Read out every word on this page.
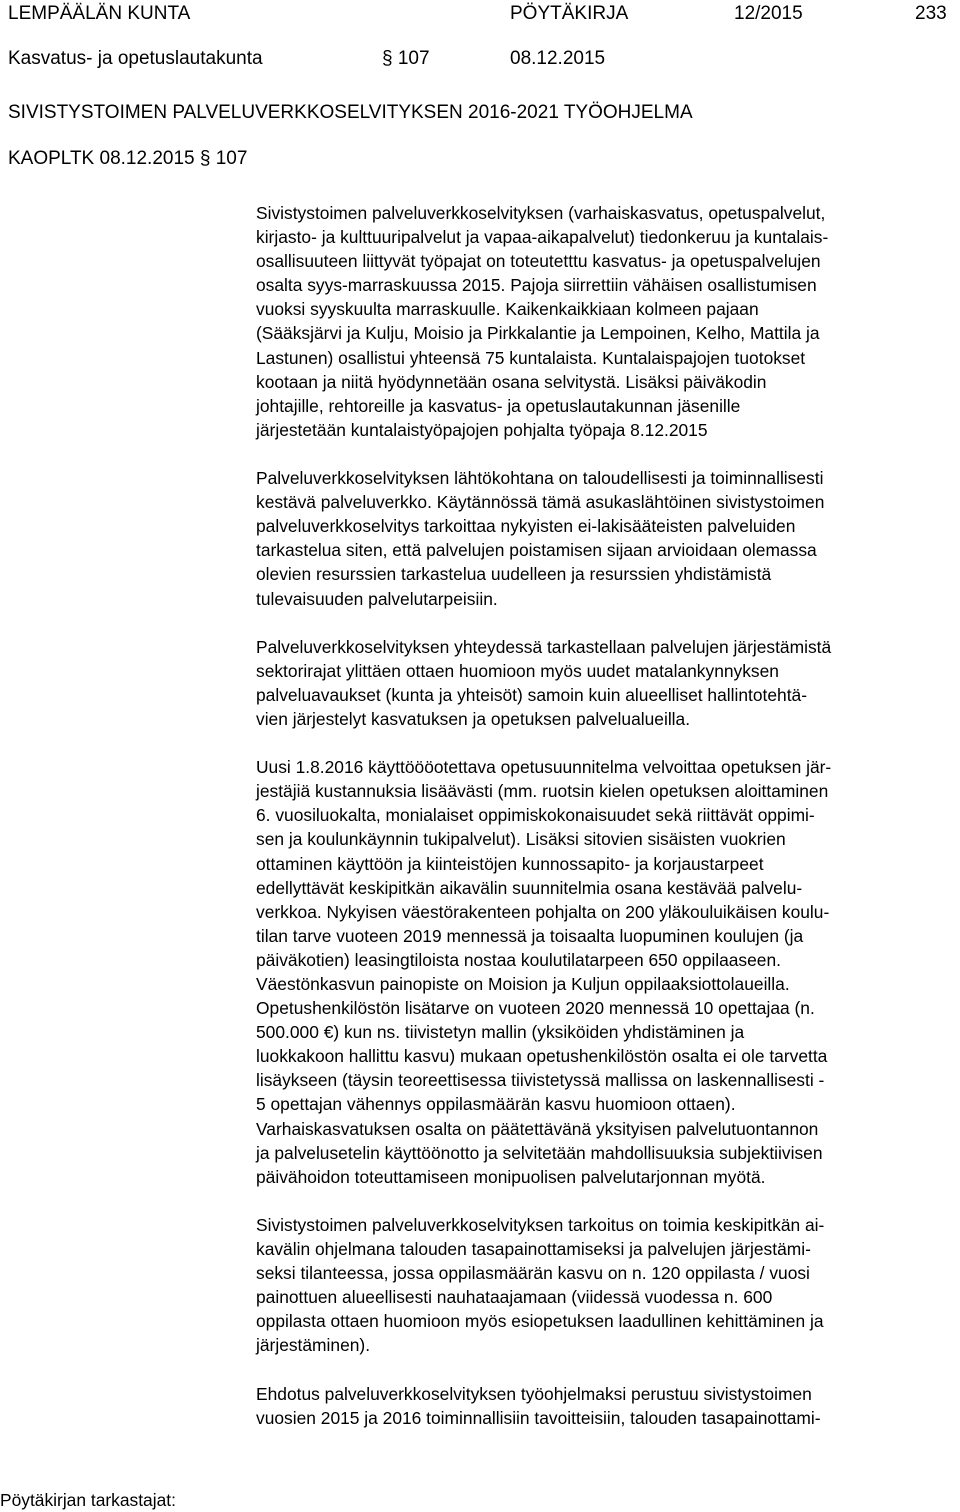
LEMPÄÄLÄN KUNTA	PÖYTÄKIRJA	12/2015	233
Kasvatus- ja opetuslautakunta	§ 107	08.12.2015
SIVISTYSTOIMEN PALVELUVERKKOSELVITYKSEN 2016-2021 TYÖOHJELMA
KAOPLTK 08.12.2015 § 107
Sivistystoimen palveluverkkoselvityksen (varhaiskasvatus, opetuspalvelut,
kirjasto- ja kulttuuripalvelut ja vapaa-aikapalvelut) tiedonkeruu ja kuntalais-
osallisuuteen liittyvät työpajat on toteutetttu kasvatus- ja opetuspalvelujen
osalta syys-marraskuussa 2015. Pajoja siirrettiin vähäisen osallistumisen
vuoksi syyskuulta marraskuulle. Kaikenkaikkiaan kolmeen pajaan
(Sääksjärvi ja Kulju, Moisio ja Pirkkalantie ja Lempoinen, Kelho, Mattila ja
Lastunen) osallistui yhteensä 75 kuntalaista. Kuntalaispajojen tuotokset
kootaan ja niitä hyödynnetään osana selvitystä. Lisäksi päiväkodin
johtajille, rehtoreille ja kasvatus- ja opetuslautakunnan jäsenille
järjestetään kuntalaistyöpajojen pohjalta työpaja 8.12.2015
Palveluverkkoselvityksen lähtökohtana on taloudellisesti ja toiminnallisesti
kestävä palveluverkko. Käytännössä tämä asukaslähtöinen sivistystoimen
palveluverkkoselvitys tarkoittaa nykyisten ei-lakisääteisten palveluiden
tarkastelua siten, että palvelujen poistamisen sijaan arvioidaan olemassa
olevien resurssien tarkastelua uudelleen ja resurssien yhdistämistä
tulevaisuuden palvelutarpeisiin.
Palveluverkkoselvityksen yhteydessä tarkastellaan palvelujen järjestämistä
sektorirajat ylittäen ottaen huomioon myös uudet matalankynnyksen
palveluavaukset (kunta ja yhteisöt) samoin kuin alueelliset hallintotehtä-
vien järjestelyt kasvatuksen ja opetuksen palvelualueilla.
Uusi 1.8.2016 käyttöööotettava opetusuunnitelma velvoittaa opetuksen jär-
jestäjiä kustannuksia lisäävästi (mm. ruotsin kielen opetuksen aloittaminen
6. vuosiluokalta, monialaiset oppimiskokonaisuudet sekä riittävät oppimi-
sen ja koulunkäynnin tukipalvelut). Lisäksi sitovien sisäisten vuokrien
ottaminen käyttöön ja kiinteistöjen kunnossapito- ja korjaustarpeet
edellyttävät keskipitkän aikavälin suunnitelmia osana kestävää palvelu-
verkkoa. Nykyisen väestörakenteen pohjalta on 200 yläkouluikäisen koulu-
tilan tarve vuoteen 2019 mennessä ja toisaalta luopuminen koulujen (ja
päiväkotien) leasingtiloista nostaa koulutilatarpeen 650 oppilaaseen.
Väestönkasvun painopiste on Moision ja Kuljun oppilaaksiottolaueilla.
Opetushenkilöstön lisätarve on vuoteen 2020 mennessä 10 opettajaa (n.
500.000 €) kun ns. tiivistetyn mallin (yksiköiden yhdistäminen ja
luokkakoon hallittu kasvu) mukaan opetushenkilöstön osalta ei ole tarvetta
lisäykseen (täysin teoreettisessa tiivistetyssä mallissa on laskennallisesti -
5 opettajan vähennys oppilasmäärän kasvu huomioon ottaen).
Varhaiskasvatuksen osalta on päätettävänä yksityisen palvelutuontannon
ja palvelusetelin käyttöönotto ja selvitetään mahdollisuuksia subjektiivisen
päivähoidon toteuttamiseen monipuolisen palvelutarjonnan myötä.
Sivistystoimen palveluverkkoselvityksen tarkoitus on toimia keskipitkän ai-
kavälin ohjelmana talouden tasapainottamiseksi ja palvelujen järjestämi-
seksi tilanteessa, jossa oppilasmäärän kasvu on n. 120 oppilasta / vuosi
painottuen alueellisesti nauhataajamaan (viidessä vuodessa n. 600
oppilasta ottaen huomioon myös esiopetuksen laadullinen kehittäminen ja
järjestäminen).
Ehdotus palveluverkkoselvityksen työohjelmaksi perustuu sivistystoimen
vuosien 2015 ja 2016 toiminnallisiin tavoitteisiin, talouden tasapainottami-
Pöytäkirjan tarkastajat:
